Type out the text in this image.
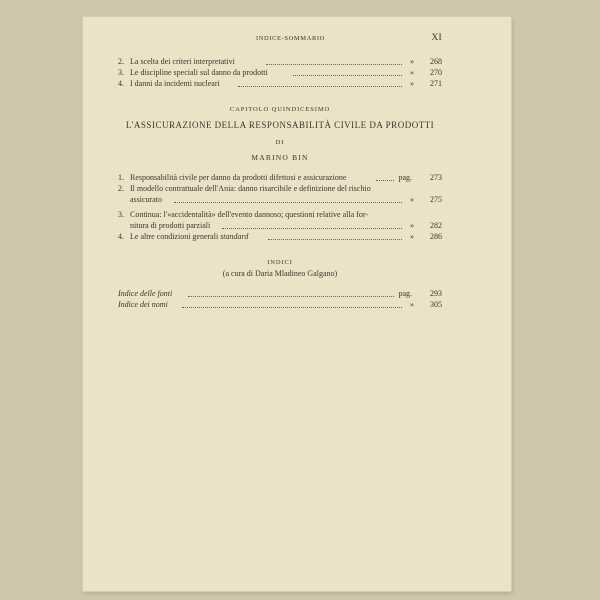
INDICE-SOMMARIO	XI
2. La scelta dei criteri interpretativi	» 268
3. Le discipline speciali sul danno da prodotti	» 270
4. I danni da incidenti nucleari	» 271
CAPITOLO QUINDICESIMO
L'ASSICURAZIONE DELLA RESPONSABILITÀ CIVILE DA PRODOTTI
DI
MARINO BIN
1. Responsabilità civile per danno da prodotti difettosi e assicurazione	pag. 273
2. Il modello contrattuale dell'Ania: danno risarcibile e definizione del rischio
assicurato	» 275
3. Continua: l'«accidentalità» dell'evento dannoso; questioni relative alla for-
nitura di prodotti parziali	» 282
4. Le altre condizioni generali standard	» 286
INDICI
(a cura di Daria Mladineo Galgano)
Indice delle fonti	pag. 293
Indice dei nomi	» 305
